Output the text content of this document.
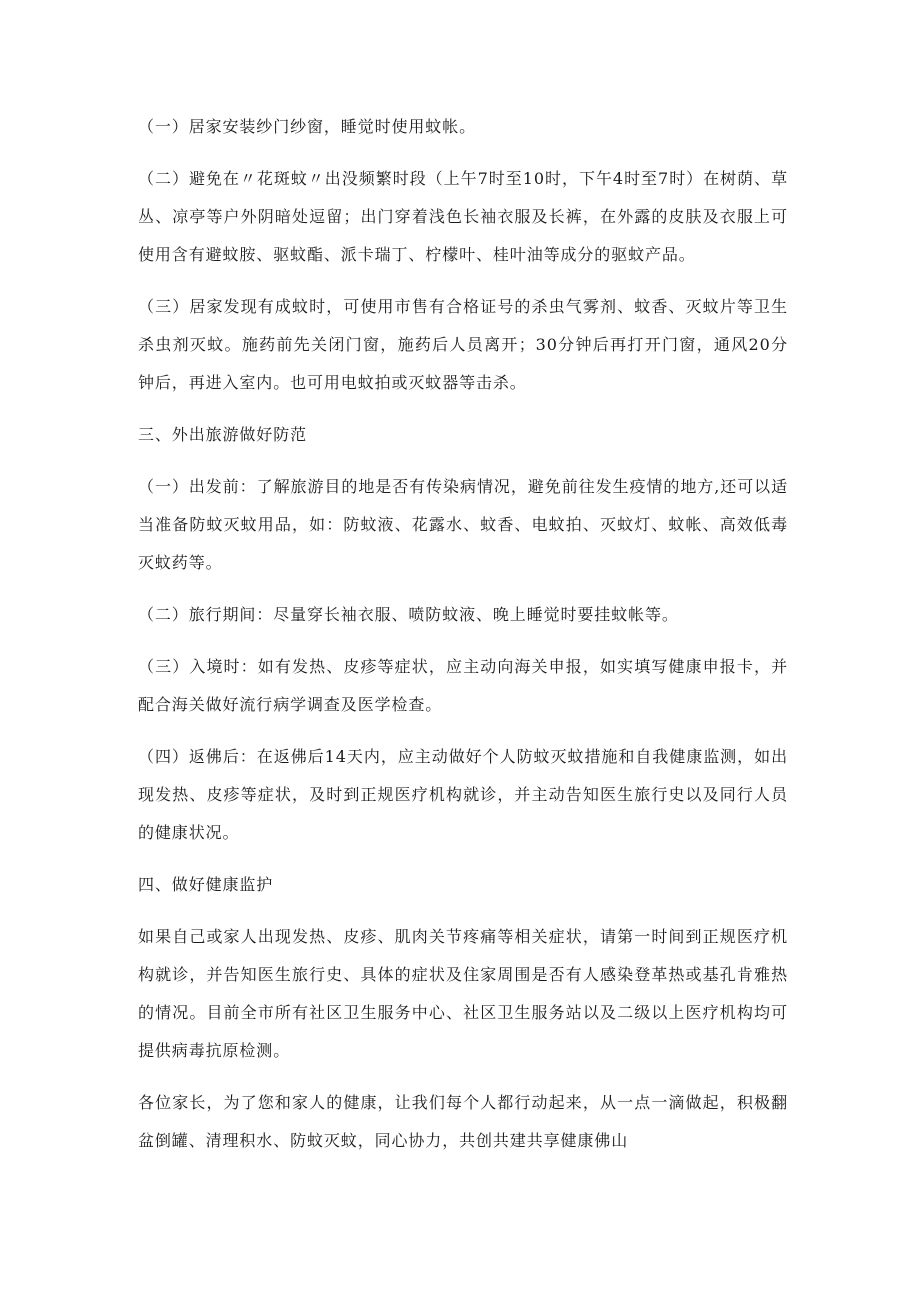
（一）居家安装纱门纱窗，睡觉时使用蚊帐。

（二）避免在〃花斑蚊〃出没频繁时段（上午7时至10时，下午4时至7时）在树荫、草丛、凉亭等户外阴暗处逗留；出门穿着浅色长袖衣服及长裤，在外露的皮肤及衣服上可使用含有避蚊胺、驱蚊酯、派卡瑞丁、柠檬叶、桂叶油等成分的驱蚊产品。

（三）居家发现有成蚊时，可使用市售有合格证号的杀虫气雾剂、蚊香、灭蚊片等卫生杀虫剂灭蚊。施药前先关闭门窗，施药后人员离开；30分钟后再打开门窗，通风20分钟后，再进入室内。也可用电蚊拍或灭蚊器等击杀。

三、外出旅游做好防范

（一）出发前：了解旅游目的地是否有传染病情况，避免前往发生疫情的地方,还可以适当准备防蚊灭蚊用品，如：防蚊液、花露水、蚊香、电蚊拍、灭蚊灯、蚊帐、高效低毒灭蚊药等。

（二）旅行期间：尽量穿长袖衣服、喷防蚊液、晚上睡觉时要挂蚊帐等。

（三）入境时：如有发热、皮疹等症状，应主动向海关申报，如实填写健康申报卡，并配合海关做好流行病学调查及医学检查。

（四）返佛后：在返佛后14天内，应主动做好个人防蚊灭蚊措施和自我健康监测，如出现发热、皮疹等症状，及时到正规医疗机构就诊，并主动告知医生旅行史以及同行人员的健康状况。

四、做好健康监护

如果自己或家人出现发热、皮疹、肌肉关节疼痛等相关症状，请第一时间到正规医疗机构就诊，并告知医生旅行史、具体的症状及住家周围是否有人感染登革热或基孔肯雅热的情况。目前全市所有社区卫生服务中心、社区卫生服务站以及二级以上医疗机构均可提供病毒抗原检测。

各位家长，为了您和家人的健康，让我们每个人都行动起来，从一点一滴做起，积极翻盆倒罐、清理积水、防蚊灭蚊，同心协力，共创共建共享健康佛山
